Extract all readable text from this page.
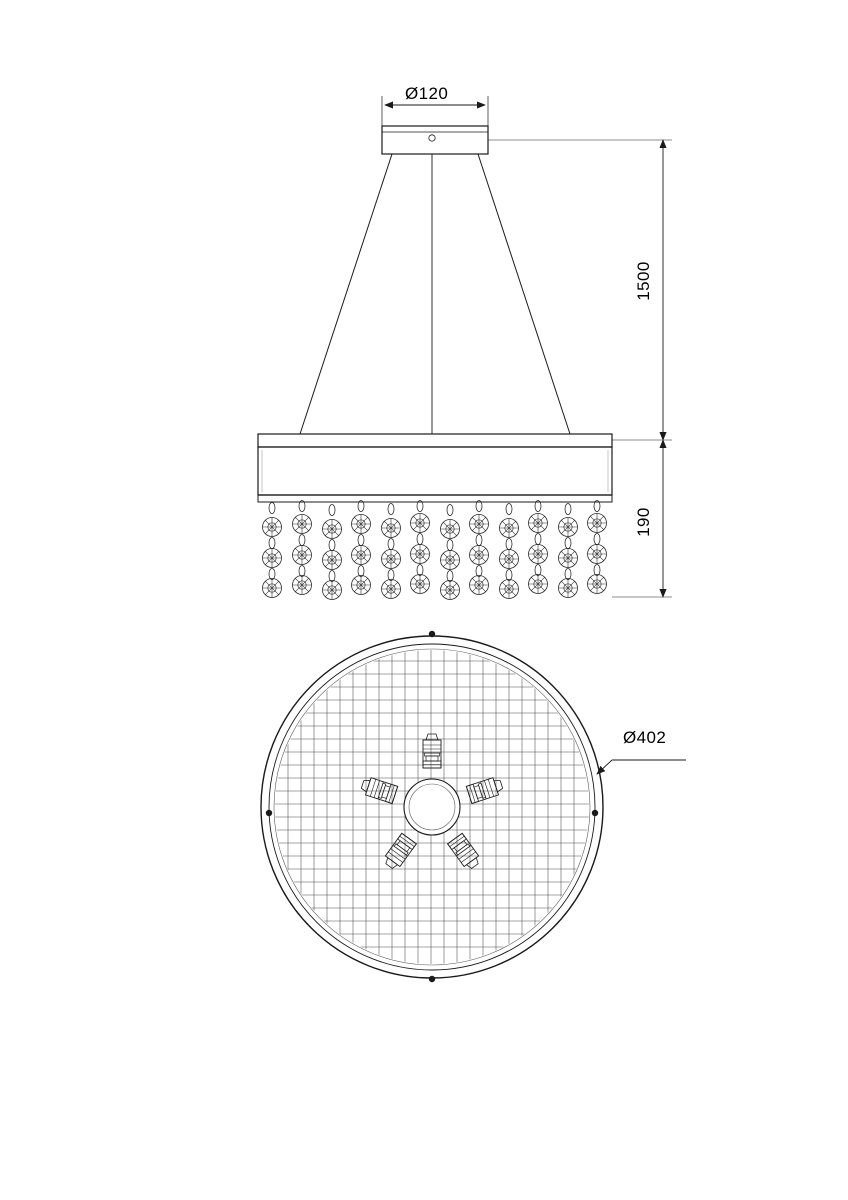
Ø120
1500
190
Ø402
